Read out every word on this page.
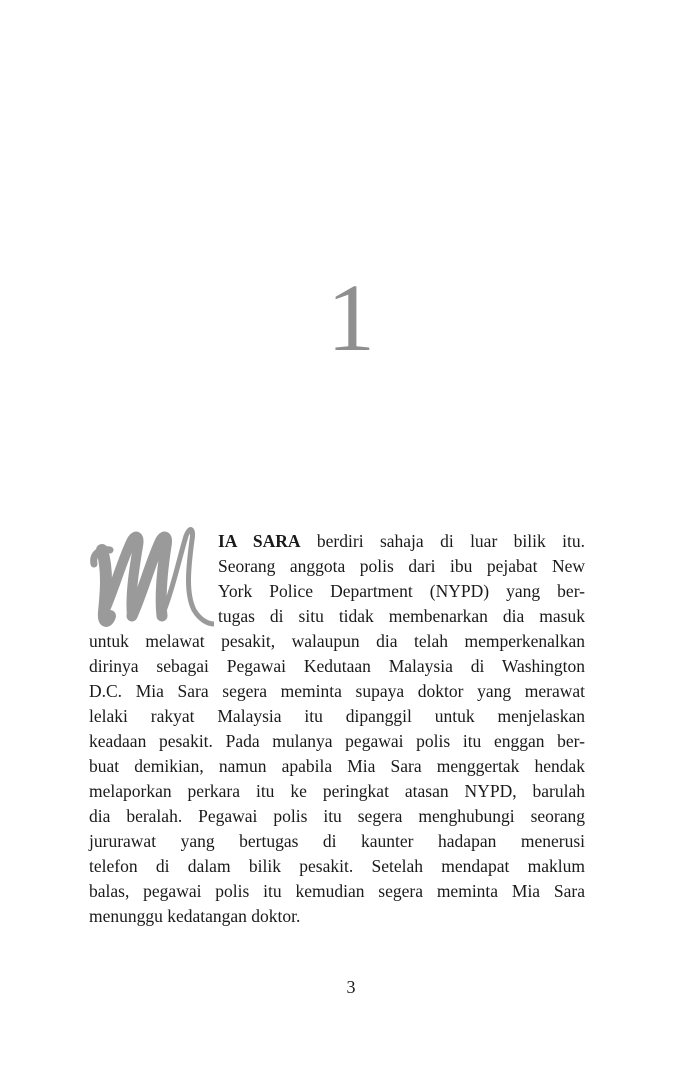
1
IA SARA berdiri sahaja di luar bilik itu.
Seorang anggota polis dari ibu pejabat New
York Police Department (NYPD) yang ber-
tugas di situ tidak membenarkan dia masuk
untuk melawat pesakit, walaupun dia telah memperkenalkan
dirinya sebagai Pegawai Kedutaan Malaysia di Washington
D.C. Mia Sara segera meminta supaya doktor yang merawat
lelaki rakyat Malaysia itu dipanggil untuk menjelaskan
keadaan pesakit. Pada mulanya pegawai polis itu enggan ber-
buat demikian, namun apabila Mia Sara menggertak hendak
melaporkan perkara itu ke peringkat atasan NYPD, barulah
dia beralah. Pegawai polis itu segera menghubungi seorang
jururawat yang bertugas di kaunter hadapan menerusi
telefon di dalam bilik pesakit. Setelah mendapat maklum
balas, pegawai polis itu kemudian segera meminta Mia Sara
menunggu kedatangan doktor.
3
